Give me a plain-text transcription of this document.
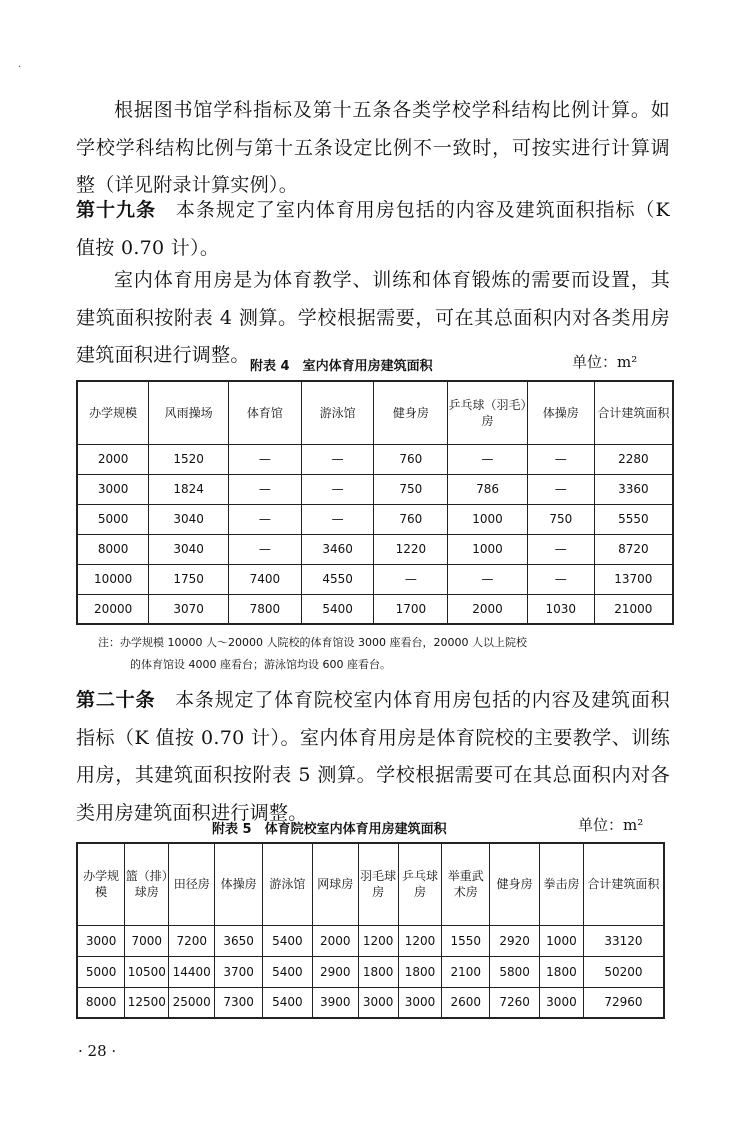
·

根据图书馆学科指标及第十五条各类学校学科结构比例计算。如学校学科结构比例与第十五条设定比例不一致时，可按实进行计算调整（详见附录计算实例）。

第十九条　 本条规定了室内体育用房包括的内容及建筑面积指标（K 值按 0.70 计）。

室内体育用房是为体育教学、训练和体育锻炼的需要而设置，其建筑面积按附表 4 测算。学校根据需要，可在其总面积内对各类用房建筑面积进行调整。

附表 4　室内体育用房建筑面积	单位：m²
办学规模	风雨操场	体育馆	游泳馆	健身房	乒乓球（羽毛）房	体操房	合计建筑面积
2000	1520	—	—	760	—	—	2280
3000	1824	—	—	750	786	—	3360
5000	3040	—	—	760	1000	750	5550
8000	3040	—	3460	1220	1000	—	8720
10000	1750	7400	4550	—	—	—	13700
20000	3070	7800	5400	1700	2000	1030	21000
注：办学规模 10000 人～20000 人院校的体育馆设 3000 座看台，20000 人以上院校
的体育馆设 4000 座看台；游泳馆均设 600 座看台。

第二十条　 本条规定了体育院校室内体育用房包括的内容及建筑面积指标（K 值按 0.70 计）。室内体育用房是体育院校的主要教学、训练用房，其建筑面积按附表 5 测算。学校根据需要可在其总面积内对各类用房建筑面积进行调整。

附表 5　体育院校室内体育用房建筑面积	单位：m²
办学规模	篮（排）球房	田径房	体操房	游泳馆	网球房	羽毛球房	乒乓球房	举重武术房	健身房	拳击房	合计建筑面积
3000	7000	7200	3650	5400	2000	1200	1200	1550	2920	1000	33120
5000	10500	14400	3700	5400	2900	1800	1800	2100	5800	1800	50200
8000	12500	25000	7300	5400	3900	3000	3000	2600	7260	3000	72960
· 28 ·
